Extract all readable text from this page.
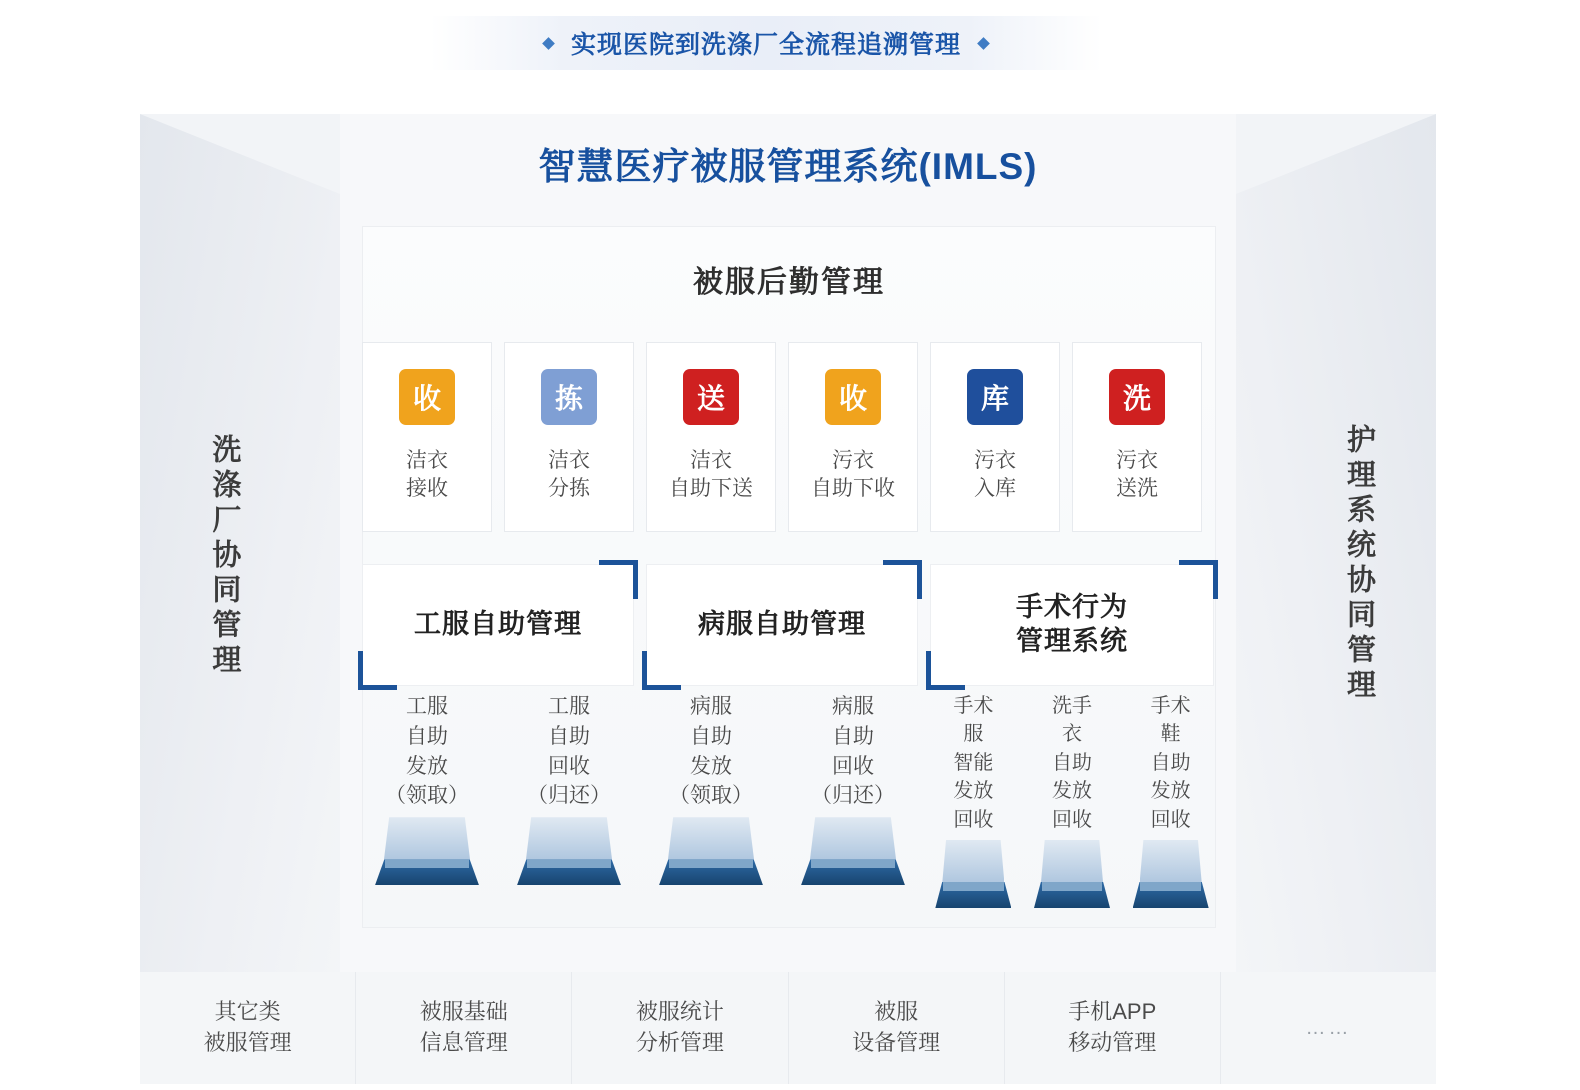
实现医院到洗涤厂全流程追溯管理
智慧医疗被服管理系统(IMLS)
洗涤厂协同管理	护理系统协同管理
被服后勤管理
收
洁衣
接收
拣
洁衣
分拣
送
洁衣
自助下送
收
污衣
自助下收
库
污衣
入库
洗
污衣
送洗
工服自助管理
工服
自助
发放
（领取）
工服
自助
回收
（归还）
病服自助管理
病服
自助
发放
（领取）
病服
自助
回收
（归还）
手术行为
管理系统
手术
服
智能
发放
回收
洗手
衣
自助
发放
回收
手术
鞋
自助
发放
回收
其它类
被服管理
被服基础
信息管理
被服统计
分析管理
被服
设备管理
手机APP
移动管理
……
